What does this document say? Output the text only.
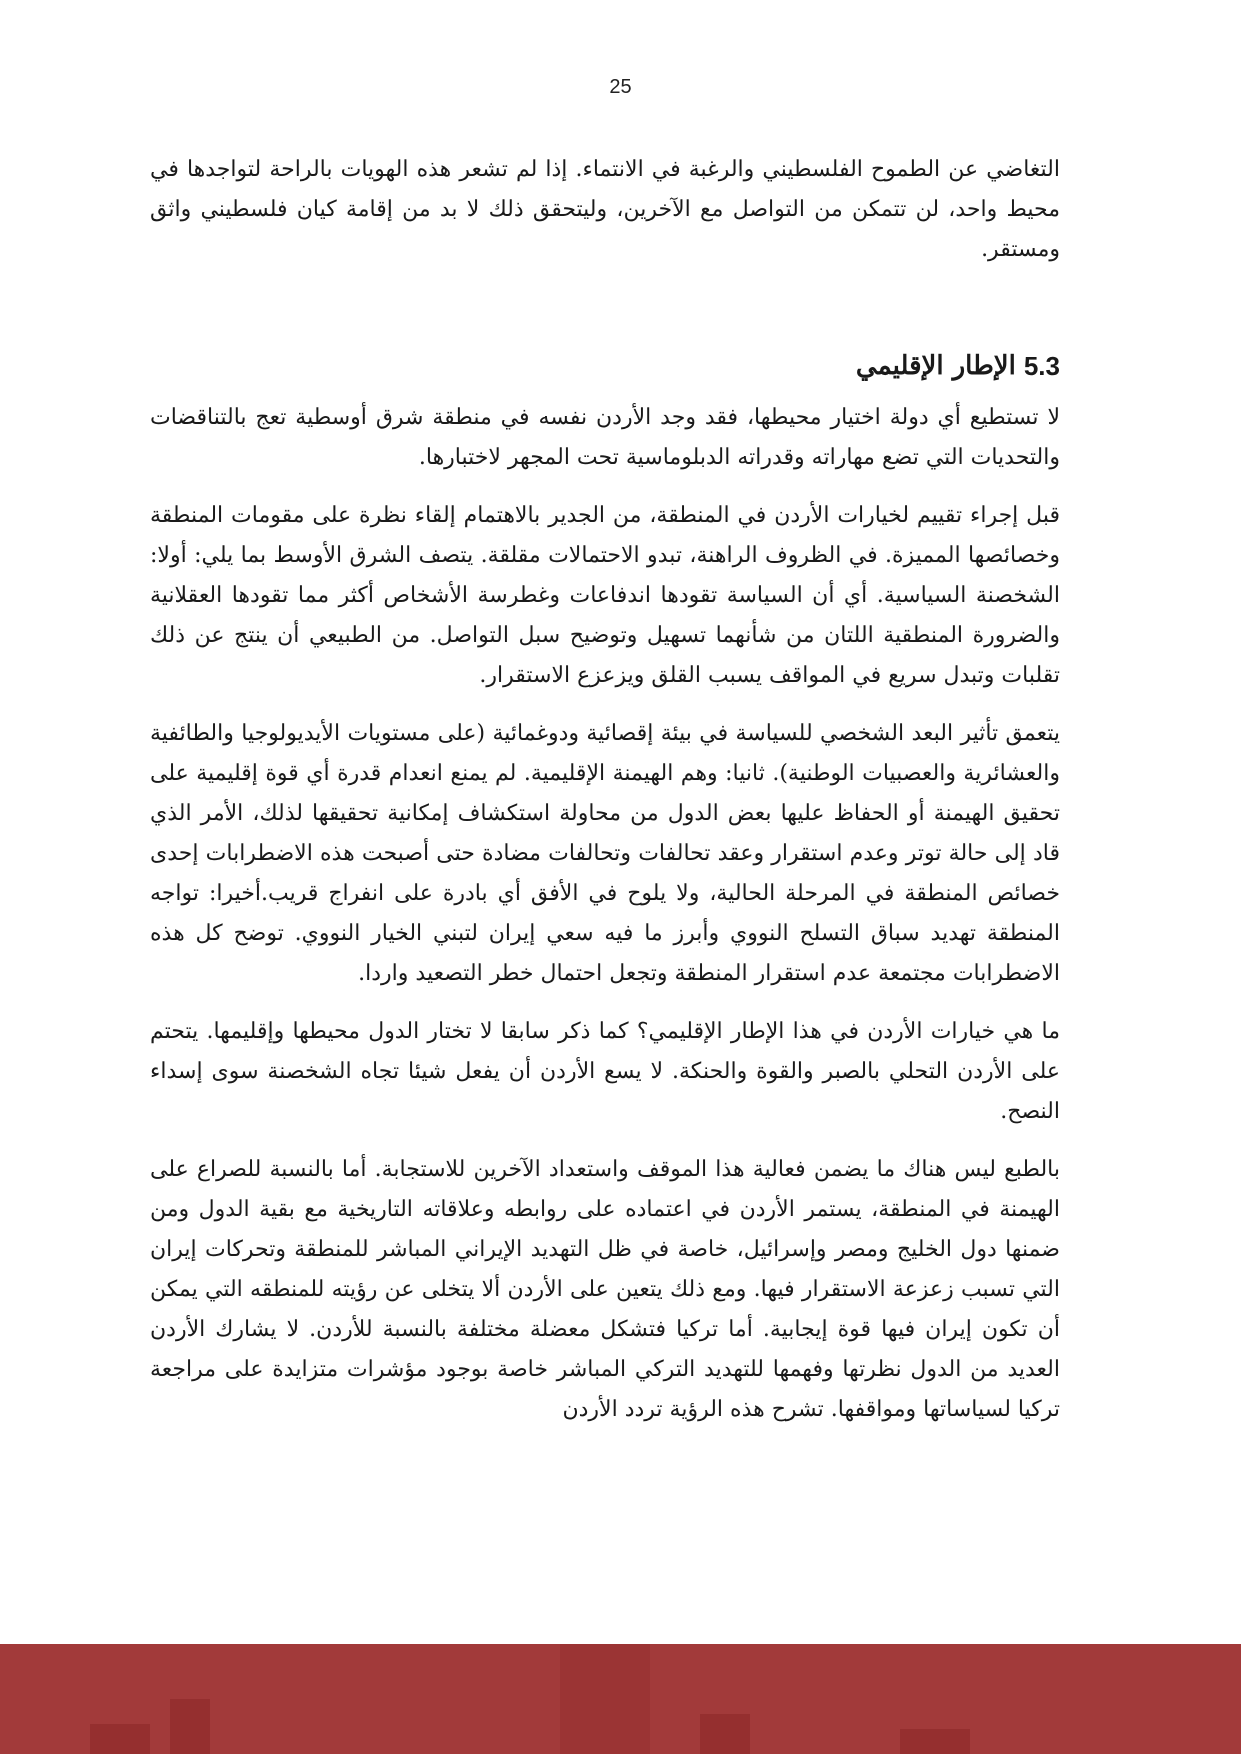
25

التغاضي عن الطموح الفلسطيني والرغبة في الانتماء. إذا لم تشعر هذه الهويات بالراحة لتواجدها في محيط واحد، لن تتمكن من التواصل مع الآخرين، وليتحقق ذلك لا بد من إقامة كيان فلسطيني واثق ومستقر.

5.3
الإطار الإقليمي

لا تستطيع أي دولة اختيار محيطها، فقد وجد الأردن نفسه في منطقة شرق أوسطية تعج بالتناقضات والتحديات التي تضع مهاراته وقدراته الدبلوماسية تحت المجهر لاختبارها.

قبل إجراء تقييم لخيارات الأردن في المنطقة، من الجدير بالاهتمام إلقاء نظرة على مقومات المنطقة وخصائصها المميزة. في الظروف الراهنة، تبدو الاحتمالات مقلقة. يتصف الشرق الأوسط بما يلي: أولا: الشخصنة السياسية. أي أن السياسة تقودها اندفاعات وغطرسة الأشخاص أكثر مما تقودها العقلانية والضرورة المنطقية اللتان من شأنهما تسهيل وتوضيح سبل التواصل. من الطبيعي أن ينتج عن ذلك تقلبات وتبدل سريع في المواقف يسبب القلق ويزعزع الاستقرار.

يتعمق تأثير البعد الشخصي للسياسة في بيئة إقصائية ودوغمائية (على مستويات الأيديولوجيا والطائفية والعشائرية والعصبيات الوطنية). ثانيا: وهم الهيمنة الإقليمية. لم يمنع انعدام قدرة أي قوة إقليمية على تحقيق الهيمنة أو الحفاظ عليها بعض الدول من محاولة استكشاف إمكانية تحقيقها لذلك، الأمر الذي قاد إلى حالة توتر وعدم استقرار وعقد تحالفات وتحالفات مضادة حتى أصبحت هذه الاضطرابات إحدى خصائص المنطقة في المرحلة الحالية، ولا يلوح في الأفق أي بادرة على انفراج قريب.أخيرا: تواجه المنطقة تهديد سباق التسلح النووي وأبرز ما فيه سعي إيران لتبني الخيار النووي. توضح كل هذه الاضطرابات مجتمعة عدم استقرار المنطقة وتجعل احتمال خطر التصعيد واردا.

ما هي خيارات الأردن في هذا الإطار الإقليمي؟ كما ذكر سابقا لا تختار الدول محيطها وإقليمها. يتحتم على الأردن التحلي بالصبر والقوة والحنكة. لا يسع الأردن أن يفعل شيئا تجاه الشخصنة سوى إسداء النصح.

بالطبع ليس هناك ما يضمن فعالية هذا الموقف واستعداد الآخرين للاستجابة. أما بالنسبة للصراع على الهيمنة في المنطقة، يستمر الأردن في اعتماده على روابطه وعلاقاته التاريخية مع بقية الدول ومن ضمنها دول الخليج ومصر وإسرائيل، خاصة في ظل التهديد الإيراني المباشر للمنطقة وتحركات إيران التي تسبب زعزعة الاستقرار فيها. ومع ذلك يتعين على الأردن ألا يتخلى عن رؤيته للمنطقه التي يمكن أن تكون إيران فيها قوة إيجابية. أما تركيا فتشكل معضلة مختلفة بالنسبة للأردن. لا يشارك الأردن العديد من الدول نظرتها وفهمها للتهديد التركي المباشر خاصة بوجود مؤشرات متزايدة على مراجعة تركيا لسياساتها ومواقفها. تشرح هذه الرؤية تردد الأردن
